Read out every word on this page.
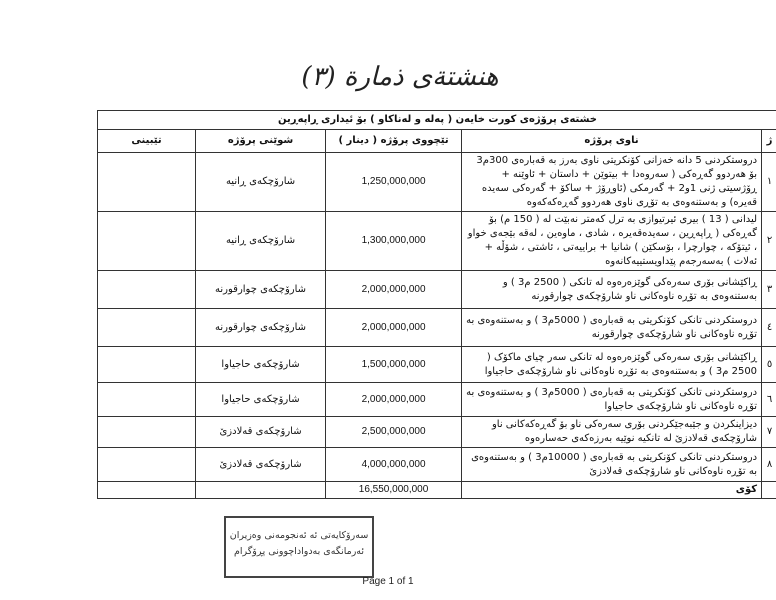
هنشتةى ذمارة (٣)
خشتەی پرۆژەی کورت خایەن ( پەلە و لەناکاو ) بۆ ئیداری ڕاپەڕین				
ژ	ناوی پرۆژە	تێچووی پرۆژە ( دینار )	شوێنی پرۆژە	تێبینی
١	دروستکردنی 5 دانە خەزانی کۆنکریتی ناوی بەرز بە قەبارەی 300م3 بۆ هەردوو گەڕەکی ( سەروەدا + بیتوێن + داستان + ئاوێنە + ڕۆژسیتی ژنی 1و2 + گەرمکی (ئاوڕۆژ + ساکۆ + گەرەکی سەیدە قەیرە) و بەستنەوەی بە تۆڕی ناوی هەردوو گەڕەکەکەوە	1,250,000,000	شارۆچکەی ڕانیە	
٢	لیدانی ( 13 ) بیری ئیرتیوازی بە ترل کەمتر نەبێت لە ( 150 م) بۆ گەڕەکی ( ڕاپەڕین ، سەیدەقەیرە ، شادی ، ماوەین ، لەقە بێجەی خواو ، ئیتۆکە ، چوارچرا ، بۆسکێن ) شانیا + براییەتی ، ئاشتی ، شۆڵە + ئەلات ) بەسەرجەم پێداویستییەکانەوە	1,300,000,000	شارۆچکەی ڕانیە	
٣	ڕاکێشانی بۆری سەرەکی گوێزەرەوە لە تانکی ( 2500 م3 ) و بەستنەوەی بە تۆڕە ناوەکانی ناو شارۆچکەی چوارقورنە	2,000,000,000	شارۆچکەی چوارقورنە	
٤	دروستکردنی تانکی کۆنکریتی بە قەبارەی ( 5000م3 ) و بەستنەوەی بە تۆڕە ناوەکانی ناو شارۆچکەی چوارقورنە	2,000,000,000	شارۆچکەی چوارقورنە	
٥	ڕاکێشانی بۆری سەرەکی گوێزەرەوە لە تانکی سەر چیای ماکۆک ( 2500 م3 ) و بەستنەوەی بە تۆڕە ناوەکانی ناو شارۆچکەی حاجیاوا	1,500,000,000	شارۆچکەی حاجیاوا	
٦	دروستکردنی تانکی کۆنکریتی بە قەبارەی ( 5000م3 ) و بەستنەوەی بە تۆڕە ناوەکانی ناو شارۆچکەی حاجیاوا	2,000,000,000	شارۆچکەی حاجیاوا	
٧	دیزاینکردن و جێبەجێکردنی بۆری سەرەکی ناو بۆ گەڕەکەکانی ناو شارۆچکەی قەلادزێ لە تانکیە نوێیە بەرزەکەی حەسارەوە	2,500,000,000	شارۆچکەی قەلادزێ	
٨	دروستکردنی تانکی کۆنکریتی بە قەبارەی ( 10000م3 ) و بەستنەوەی بە تۆڕە ناوەکانی ناو شارۆچکەی قەلادزێ	4,000,000,000	شارۆچکەی قەلادزێ	
	کۆی	16,550,000,000		
سەرۆکایەتی ئە ئەنجومەنی وەزیران
ئەرمانگەی بەدواداچوونی پڕۆگرام
Page 1 of 1
